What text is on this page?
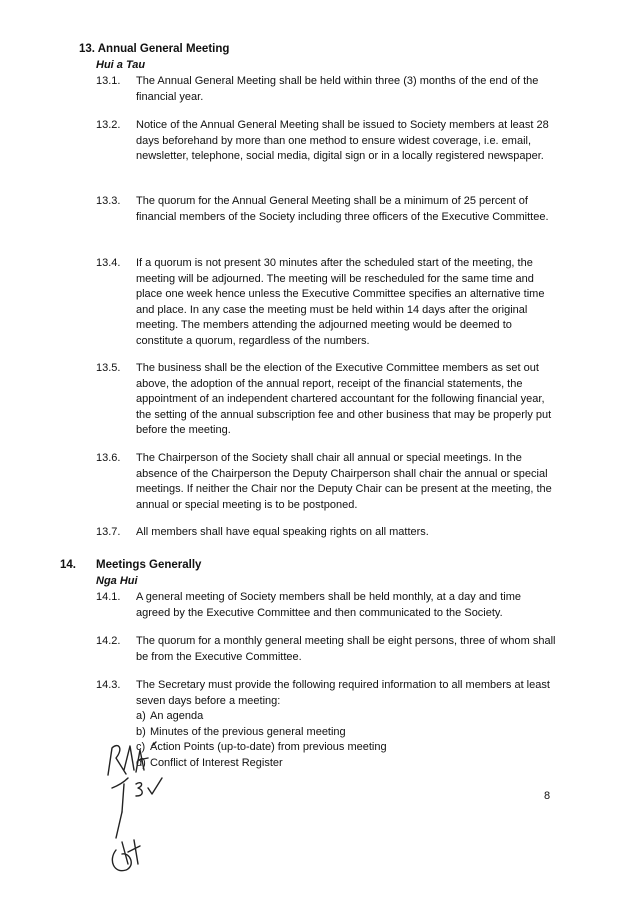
13. Annual General Meeting
Hui a Tau
13.1.	The Annual General Meeting shall be held within three (3) months of the end of the financial year.
13.2.	Notice of the Annual General Meeting shall be issued to Society members at least 28 days beforehand by more than one method to ensure widest coverage, i.e. email, newsletter, telephone, social media, digital sign or in a locally registered newspaper.
13.3.	The quorum for the Annual General Meeting shall be a minimum of 25 percent of financial members of the Society including three officers of the Executive Committee.
13.4.	If a quorum is not present 30 minutes after the scheduled start of the meeting, the meeting will be adjourned. The meeting will be rescheduled for the same time and place one week hence unless the Executive Committee specifies an alternative time and place. In any case the meeting must be held within 14 days after the original meeting. The members attending the adjourned meeting would be deemed to constitute a quorum, regardless of the numbers.
13.5.	The business shall be the election of the Executive Committee members as set out above, the adoption of the annual report, receipt of the financial statements, the appointment of an independent chartered accountant for the following financial year, the setting of the annual subscription fee and other business that may be properly put before the meeting.
13.6.	The Chairperson of the Society shall chair all annual or special meetings. In the absence of the Chairperson the Deputy Chairperson shall chair the annual or special meetings. If neither the Chair nor the Deputy Chair can be present at the meeting, the annual or special meeting is to be postponed.
13.7.	All members shall have equal speaking rights on all matters.
14. Meetings Generally
Nga Hui
14.1.	A general meeting of Society members shall be held monthly, at a day and time agreed by the Executive Committee and then communicated to the Society.
14.2.	The quorum for a monthly general meeting shall be eight persons, three of whom shall be from the Executive Committee.
14.3.	The Secretary must provide the following required information to all members at least seven days before a meeting:
a) An agenda
b) Minutes of the previous general meeting
c) Action Points (up-to-date) from previous meeting
d) Conflict of Interest Register
8
